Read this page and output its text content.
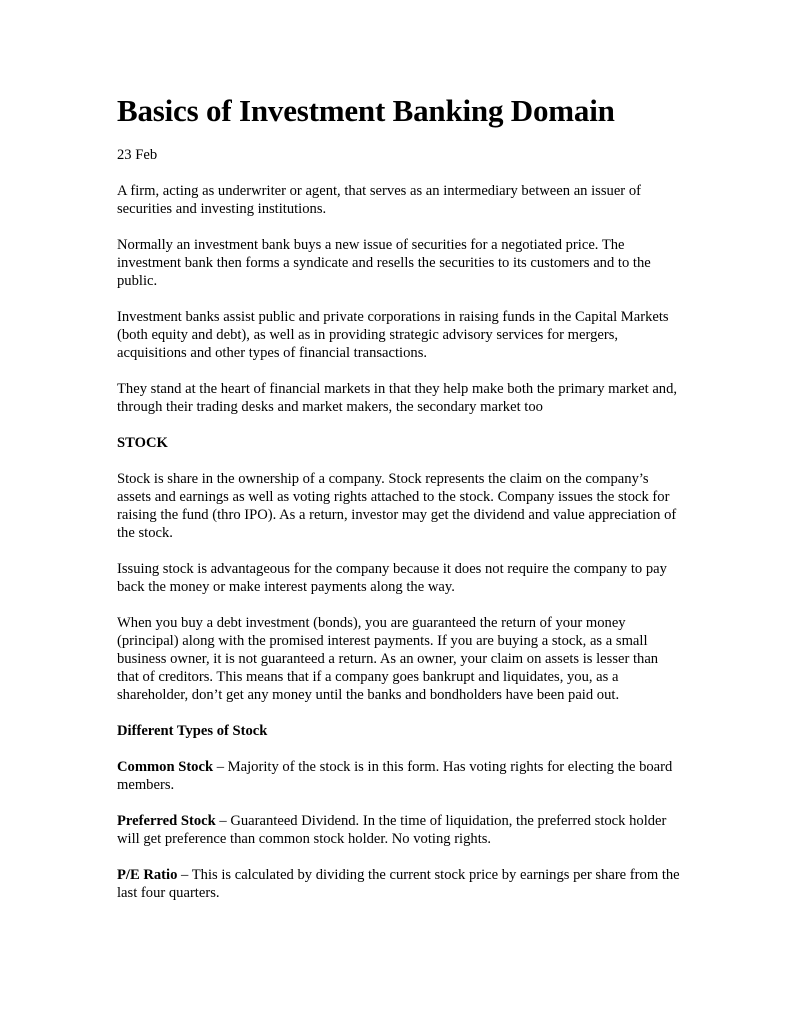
Basics of Investment Banking Domain

23 Feb

A firm, acting as underwriter or agent, that serves as an intermediary between an issuer of securities and investing institutions.

Normally an investment bank buys a new issue of securities for a negotiated price. The investment bank then forms a syndicate and resells the securities to its customers and to the public.

Investment banks assist public and private corporations in raising funds in the Capital Markets (both equity and debt), as well as in providing strategic advisory services for mergers, acquisitions and other types of financial transactions.

They stand at the heart of financial markets in that they help make both the primary market and, through their trading desks and market makers, the secondary market too

STOCK

Stock is share in the ownership of a company. Stock represents the claim on the company’s assets and earnings as well as voting rights attached to the stock. Company issues the stock for raising the fund (thro IPO). As a return, investor may get the dividend and value appreciation of the stock.

Issuing stock is advantageous for the company because it does not require the company to pay back the money or make interest payments along the way.

When you buy a debt investment (bonds), you are guaranteed the return of your money (principal) along with the promised interest payments. If you are buying a stock, as a small business owner, it is not guaranteed a return. As an owner, your claim on assets is lesser than that of creditors. This means that if a company goes bankrupt and liquidates, you, as a shareholder, don’t get any money until the banks and bondholders have been paid out.

Different Types of Stock

Common Stock – Majority of the stock is in this form. Has voting rights for electing the board members.

Preferred Stock – Guaranteed Dividend. In the time of liquidation, the preferred stock holder will get preference than common stock holder. No voting rights.

P/E Ratio – This is calculated by dividing the current stock price by earnings per share from the last four quarters.
